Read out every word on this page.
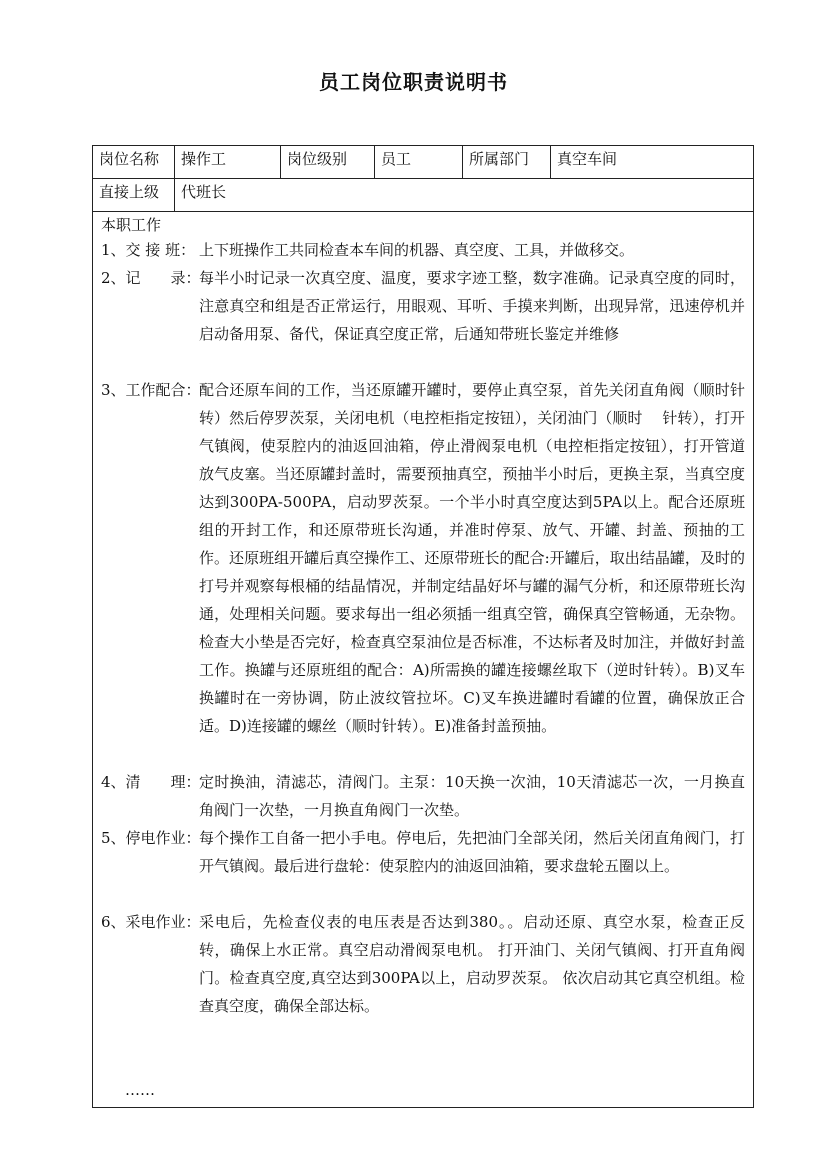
员工岗位职责说明书
岗位名称	操作工	岗位级别	员工	所属部门	真空车间
直接上级	代班长
本职工作
1、交 接 班： 上下班操作工共同检查本车间的机器、真空度、工具，并做移交。
2、记　　录：
每半小时记录一次真空度、温度，要求字迹工整，数字准确。记录真空度的同时，注意真空和组是否正常运行，用眼观、耳听、手摸来判断，出现异常，迅速停机并启动备用泵、备代，保证真空度正常，后通知带班长鉴定并维修
3、工作配合：
配合还原车间的工作，当还原罐开罐时，要停止真空泵，首先关闭直角阀（顺时针转）然后停罗茨泵，关闭电机（电控柜指定按钮），关闭油门（顺时　 针转），打开气镇阀，使泵腔内的油返回油箱，停止滑阀泵电机（电控柜指定按钮），打开管道放气皮塞。当还原罐封盖时，需要预抽真空，预抽半小时后，更换主泵，当真空度达到300PA-500PA，启动罗茨泵。一个半小时真空度达到5PA以上。配合还原班组的开封工作，和还原带班长沟通，并准时停泵、放气、开罐、封盖、预抽的工作。还原班组开罐后真空操作工、还原带班长的配合:开罐后，取出结晶罐，及时的打号并观察每根桶的结晶情况，并制定结晶好坏与罐的漏气分析，和还原带班长沟通，处理相关问题。要求每出一组必须插一组真空管，确保真空管畅通，无杂物。检查大小垫是否完好，检查真空泵油位是否标准，不达标者及时加注，并做好封盖工作。换罐与还原班组的配合：A)所需换的罐连接螺丝取下（逆时针转）。B)叉车换罐时在一旁协调，防止波纹管拉坏。C)叉车换进罐时看罐的位置，确保放正合适。D)连接罐的螺丝（顺时针转）。E)准备封盖预抽。
4、清　　理：
定时换油，清滤芯，清阀门。主泵：10天换一次油，10天清滤芯一次，一月换直角阀门一次垫，一月换直角阀门一次垫。
5、停电作业：
每个操作工自备一把小手电。停电后，先把油门全部关闭，然后关闭直角阀门，打开气镇阀。最后进行盘轮：使泵腔内的油返回油箱，要求盘轮五圈以上。
6、采电作业：
采电后，先检查仪表的电压表是否达到380。。启动还原、真空水泵，检查正反转，确保上水正常。真空启动滑阀泵电机。 打开油门、关闭气镇阀、打开直角阀门。检查真空度,真空达到300PA以上，启动罗茨泵。 依次启动其它真空机组。检查真空度，确保全部达标。
……
